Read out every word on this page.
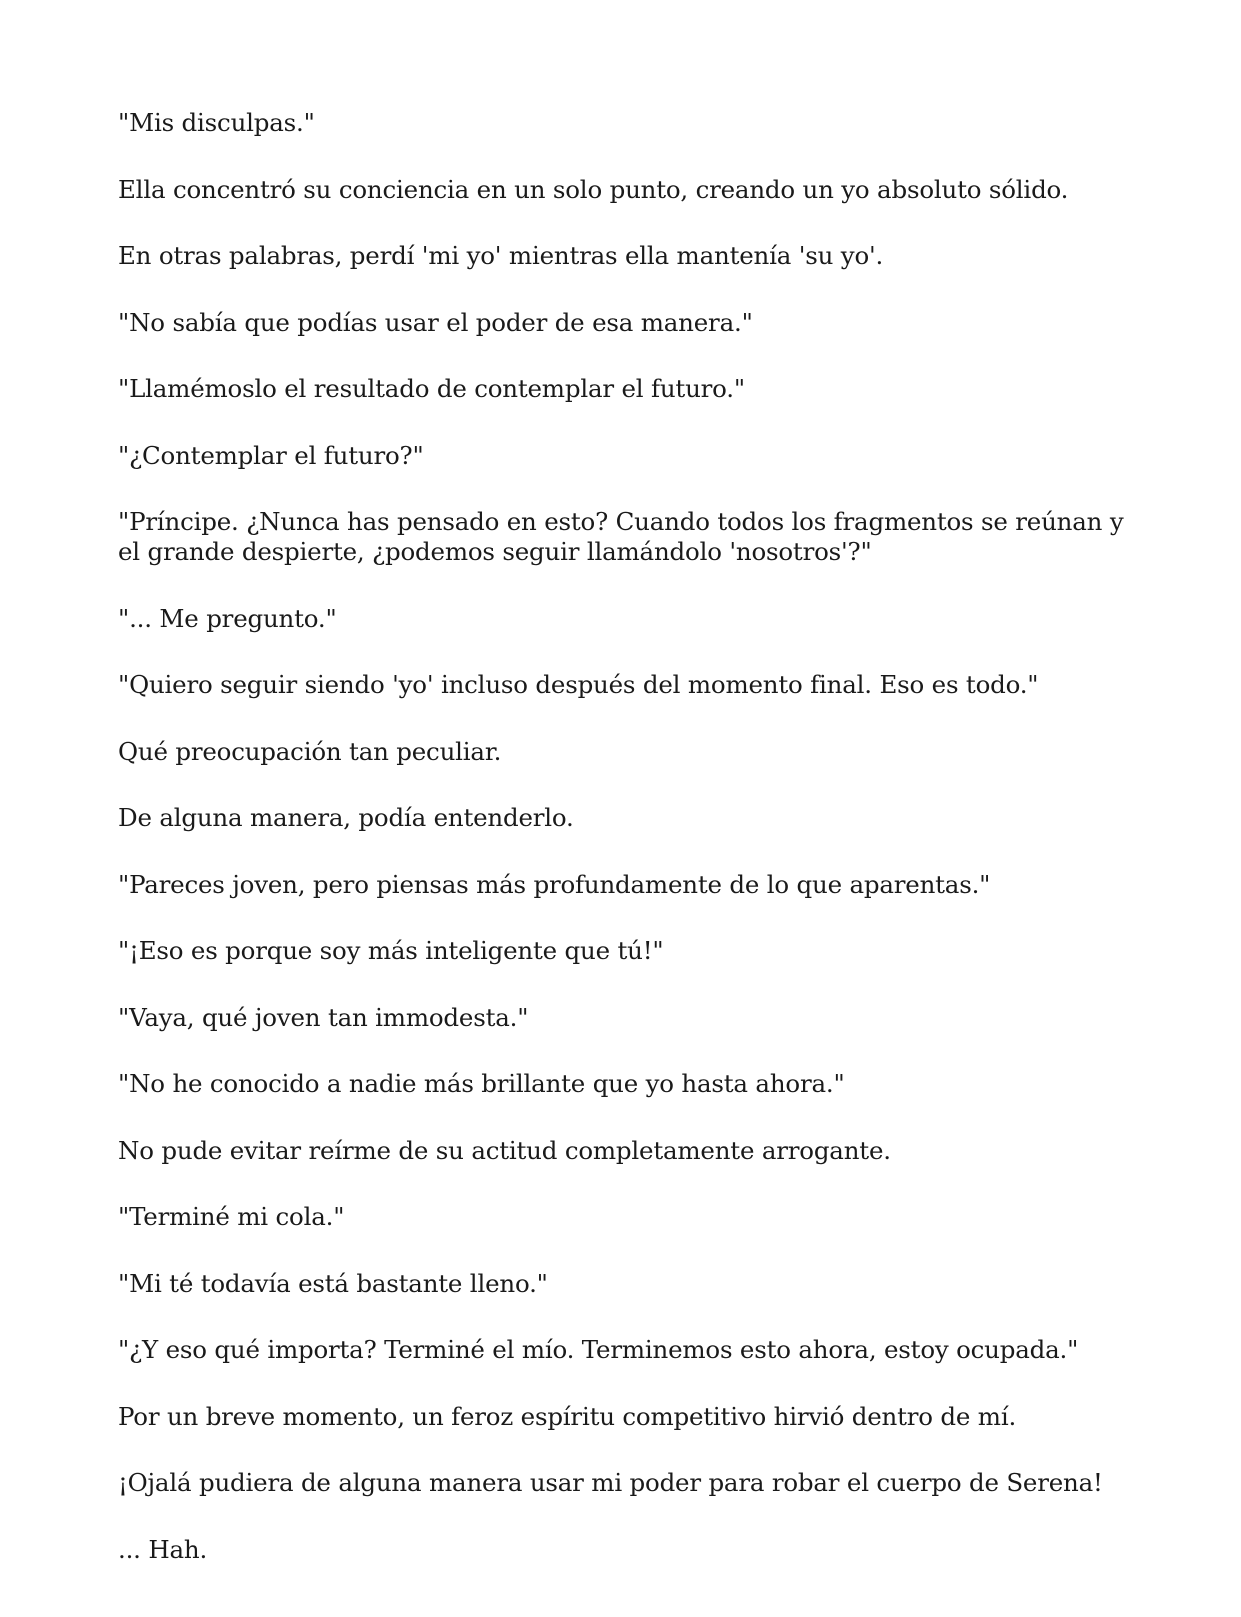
"Mis disculpas."

Ella concentró su conciencia en un solo punto, creando un yo absoluto sólido.

En otras palabras, perdí 'mi yo' mientras ella mantenía 'su yo'.

"No sabía que podías usar el poder de esa manera."

"Llamémoslo el resultado de contemplar el futuro."

"¿Contemplar el futuro?"

"Príncipe. ¿Nunca has pensado en esto? Cuando todos los fragmentos se reúnan y el grande despierte, ¿podemos seguir llamándolo 'nosotros'?"

"... Me pregunto."

"Quiero seguir siendo 'yo' incluso después del momento final. Eso es todo."

Qué preocupación tan peculiar.

De alguna manera, podía entenderlo.

"Pareces joven, pero piensas más profundamente de lo que aparentas."

"¡Eso es porque soy más inteligente que tú!"

"Vaya, qué joven tan immodesta."

"No he conocido a nadie más brillante que yo hasta ahora."

No pude evitar reírme de su actitud completamente arrogante.

"Terminé mi cola."

"Mi té todavía está bastante lleno."

"¿Y eso qué importa? Terminé el mío. Terminemos esto ahora, estoy ocupada."

Por un breve momento, un feroz espíritu competitivo hirvió dentro de mí.

¡Ojalá pudiera de alguna manera usar mi poder para robar el cuerpo de Serena!

... Hah.
